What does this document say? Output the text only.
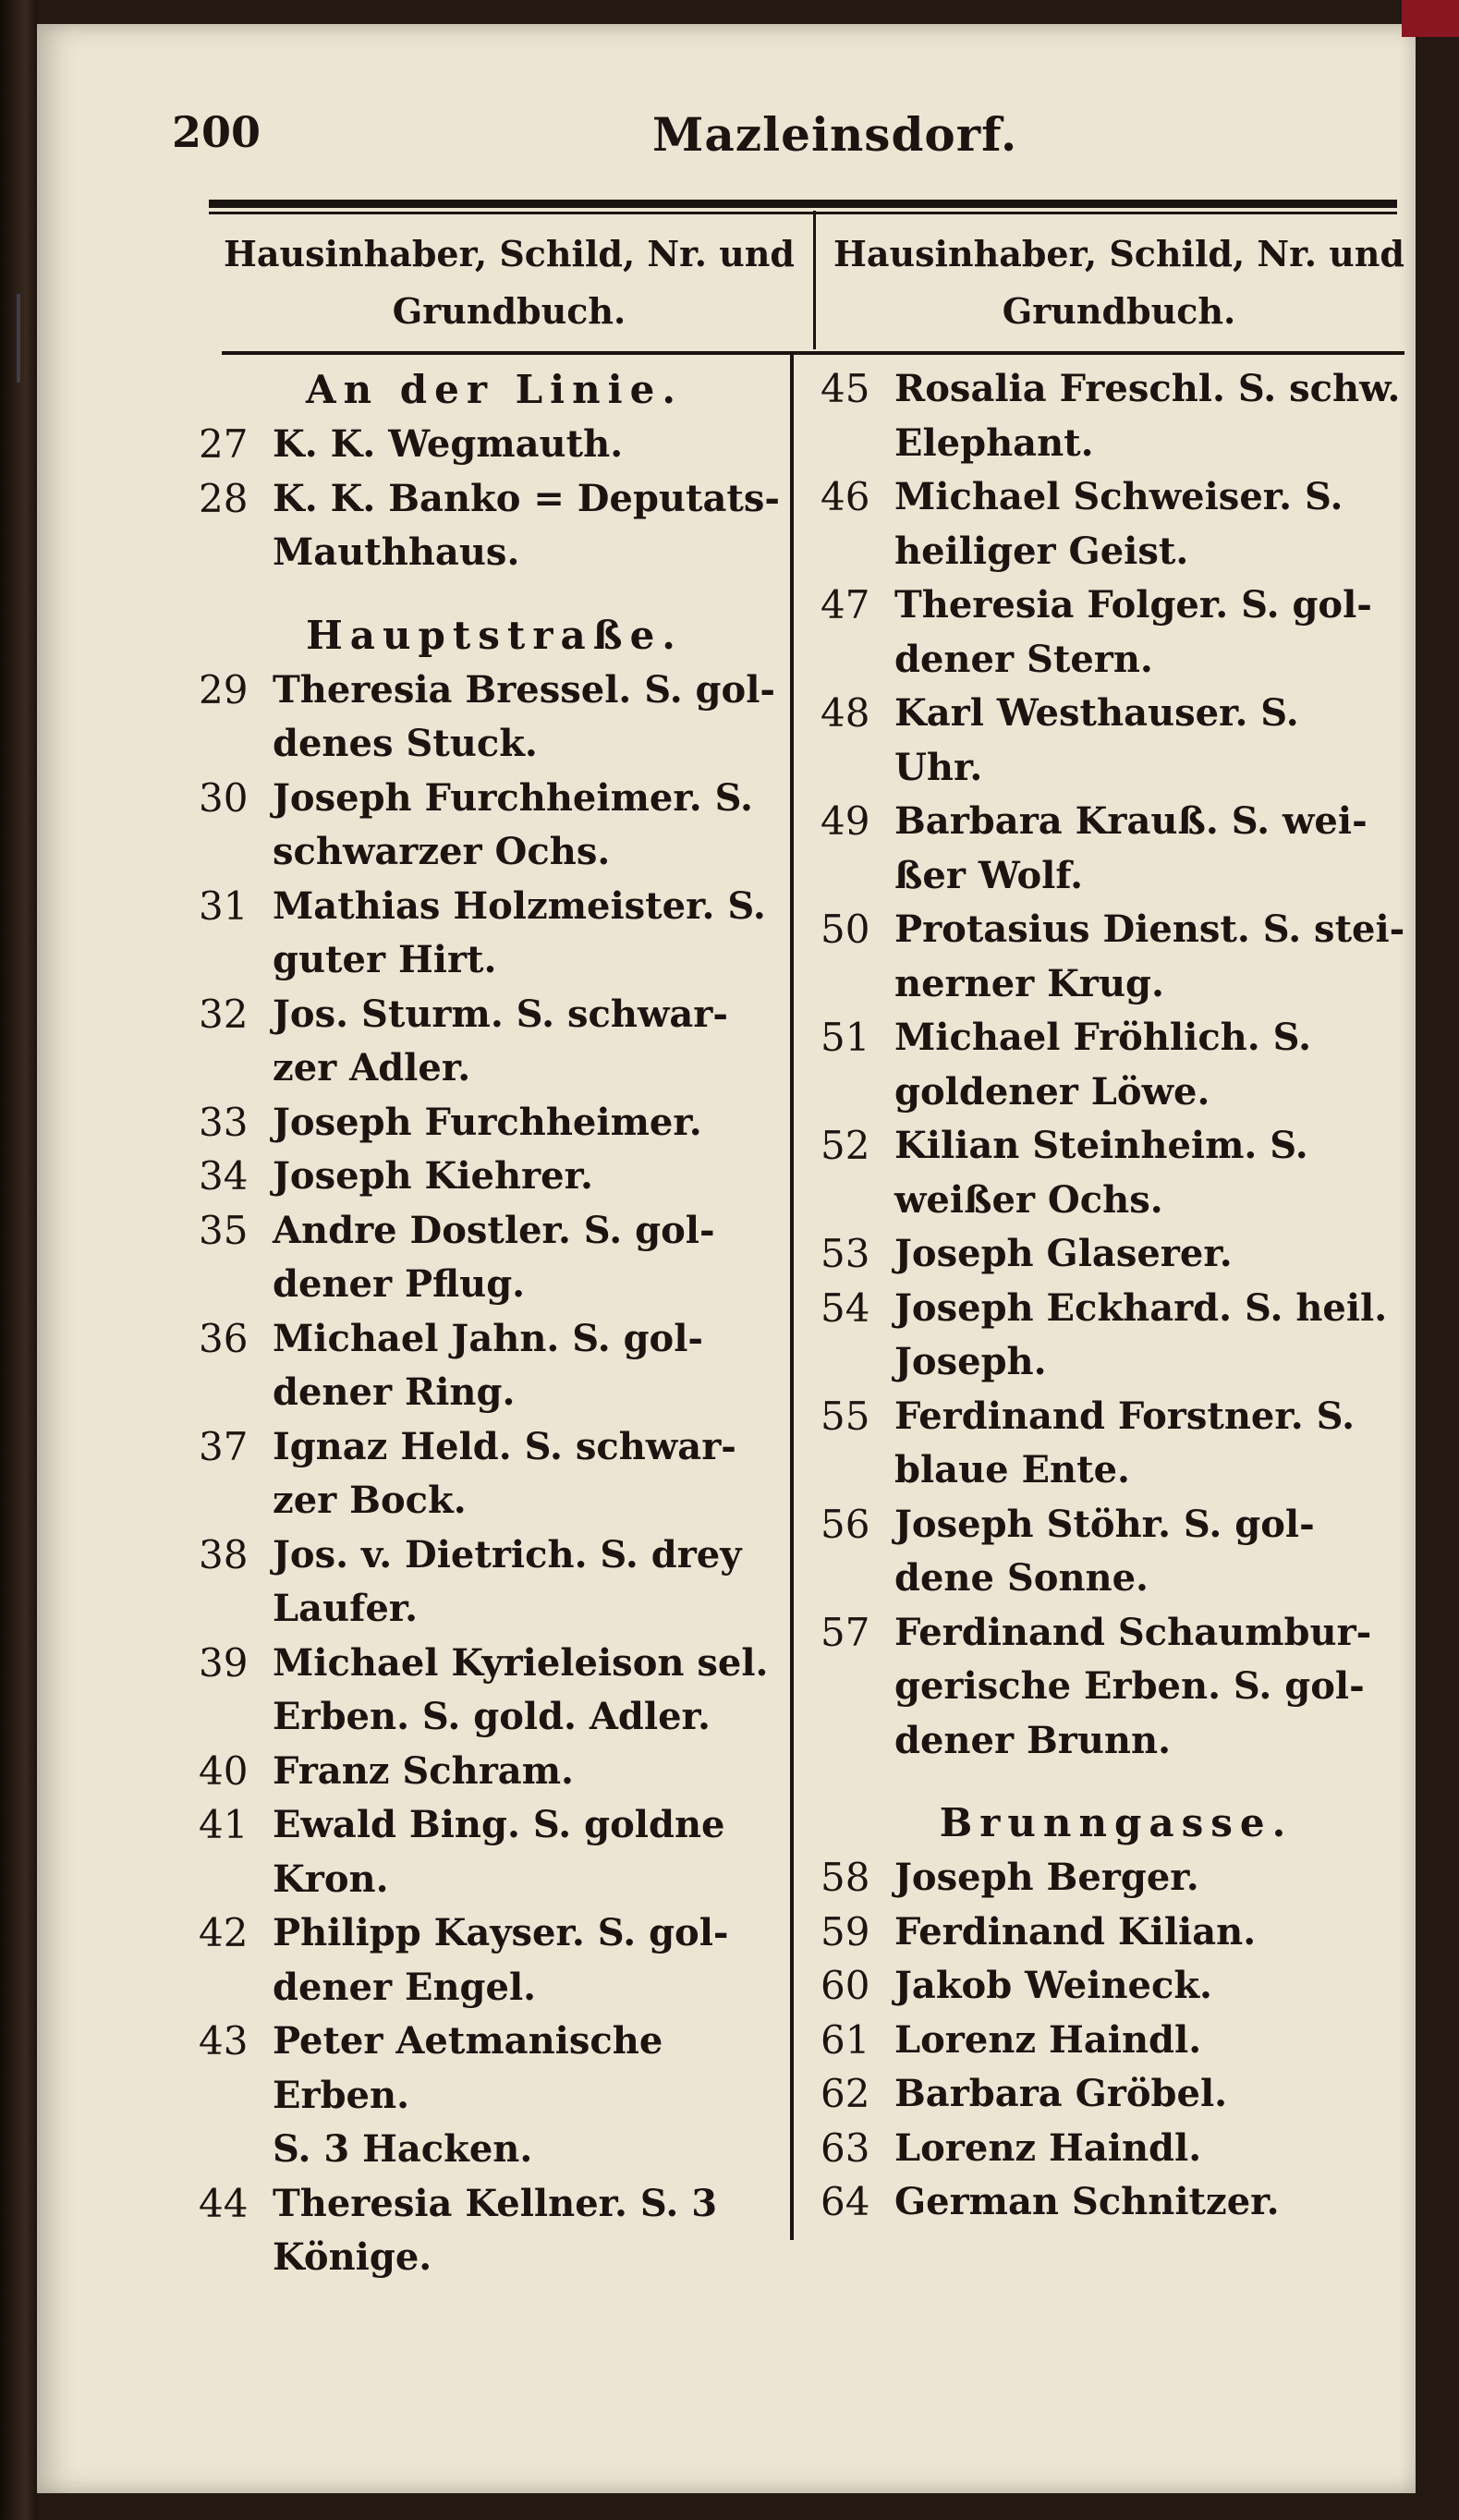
200	Mazleinsdorf.
Hausinhaber, Schild, Nr. und Grundbuch.
Hausinhaber, Schild, Nr. und Grundbuch.
An der Linie.
27 K. K. Wegmauth.
28 K. K. Banko = Deputats-
Mauthhaus.
Hauptstraße.
29 Theresia Bressel. S. gol-
denes Stuck.
30 Joseph Furchheimer. S.
schwarzer Ochs.
31 Mathias Holzmeister. S.
guter Hirt.
32 Jos. Sturm. S. schwar-
zer Adler.
33 Joseph Furchheimer.
34 Joseph Kiehrer.
35 Andre Dostler. S. gol-
dener Pflug.
36 Michael Jahn. S. gol-
dener Ring.
37 Ignaz Held. S. schwar-
zer Bock.
38 Jos. v. Dietrich. S. drey
Laufer.
39 Michael Kyrieleison sel.
Erben. S. gold. Adler.
40 Franz Schram.
41 Ewald Bing. S. goldne
Kron.
42 Philipp Kayser. S. gol-
dener Engel.
43 Peter Aetmanische Erben.
S. 3 Hacken.
44 Theresia Kellner. S. 3
Könige.
45 Rosalia Freschl. S. schw.
Elephant.
46 Michael Schweiser. S.
heiliger Geist.
47 Theresia Folger. S. gol-
dener Stern.
48 Karl Westhauser. S.
Uhr.
49 Barbara Krauß. S. wei-
ßer Wolf.
50 Protasius Dienst. S. stei-
nerner Krug.
51 Michael Fröhlich. S.
goldener Löwe.
52 Kilian Steinheim. S.
weißer Ochs.
53 Joseph Glaserer.
54 Joseph Eckhard. S. heil.
Joseph.
55 Ferdinand Forstner. S.
blaue Ente.
56 Joseph Stöhr. S. gol-
dene Sonne.
57 Ferdinand Schaumbur-
gerische Erben. S. gol-
dener Brunn.
Brunngasse.
58 Joseph Berger.
59 Ferdinand Kilian.
60 Jakob Weineck.
61 Lorenz Haindl.
62 Barbara Gröbel.
63 Lorenz Haindl.
64 German Schnitzer.
